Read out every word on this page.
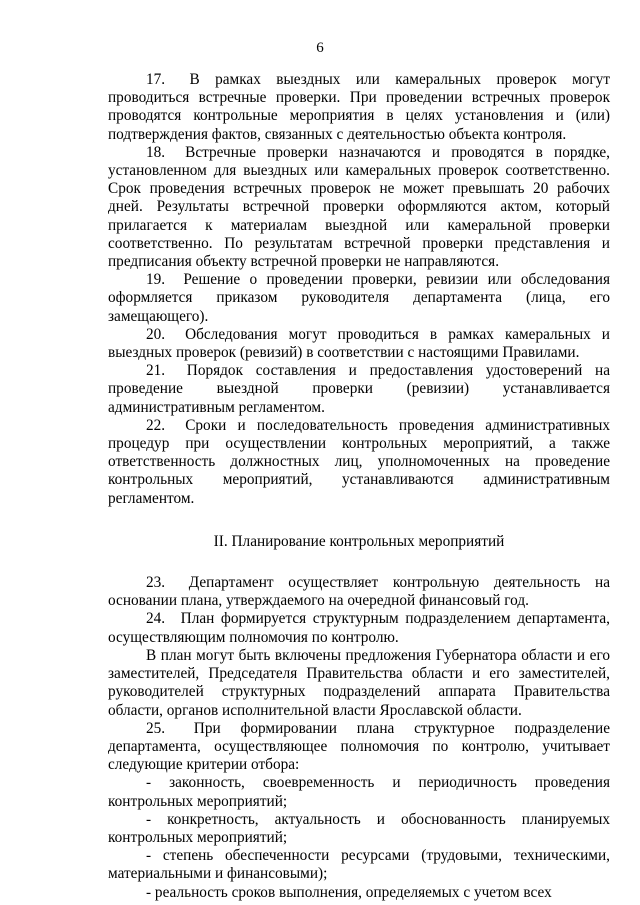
6

17. В рамках выездных или камеральных проверок могут проводиться встречные проверки. При проведении встречных проверок проводятся контрольные мероприятия в целях установления и (или) подтверждения фактов, связанных с деятельностью объекта контроля.

18. Встречные проверки назначаются и проводятся в порядке, установленном для выездных или камеральных проверок соответственно. Срок проведения встречных проверок не может превышать 20 рабочих дней. Результаты встречной проверки оформляются актом, который прилагается к материалам выездной или камеральной проверки соответственно. По результатам встречной проверки представления и предписания объекту встречной проверки не направляются.

19. Решение о проведении проверки, ревизии или обследования оформляется приказом руководителя департамента (лица, его замещающего).

20. Обследования могут проводиться в рамках камеральных и выездных проверок (ревизий) в соответствии с настоящими Правилами.

21. Порядок составления и предоставления удостоверений на проведение выездной проверки (ревизии) устанавливается административным регламентом.

22. Сроки и последовательность проведения административных процедур при осуществлении контрольных мероприятий, а также ответственность должностных лиц, уполномоченных на проведение контрольных мероприятий, устанавливаются административным регламентом.

II. Планирование контрольных мероприятий

23. Департамент осуществляет контрольную деятельность на основании плана, утверждаемого на очередной финансовый год.

24. План формируется структурным подразделением департамента, осуществляющим полномочия по контролю.

В план могут быть включены предложения Губернатора области и его заместителей, Председателя Правительства области и его заместителей, руководителей структурных подразделений аппарата Правительства области, органов исполнительной власти Ярославской области.

25. При формировании плана структурное подразделение департамента, осуществляющее полномочия по контролю, учитывает следующие критерии отбора:

- законность, своевременность и периодичность проведения контрольных мероприятий;

- конкретность, актуальность и обоснованность планируемых контрольных мероприятий;

- степень обеспеченности ресурсами (трудовыми, техническими, материальными и финансовыми);

- реальность сроков выполнения, определяемых с учетом всех
